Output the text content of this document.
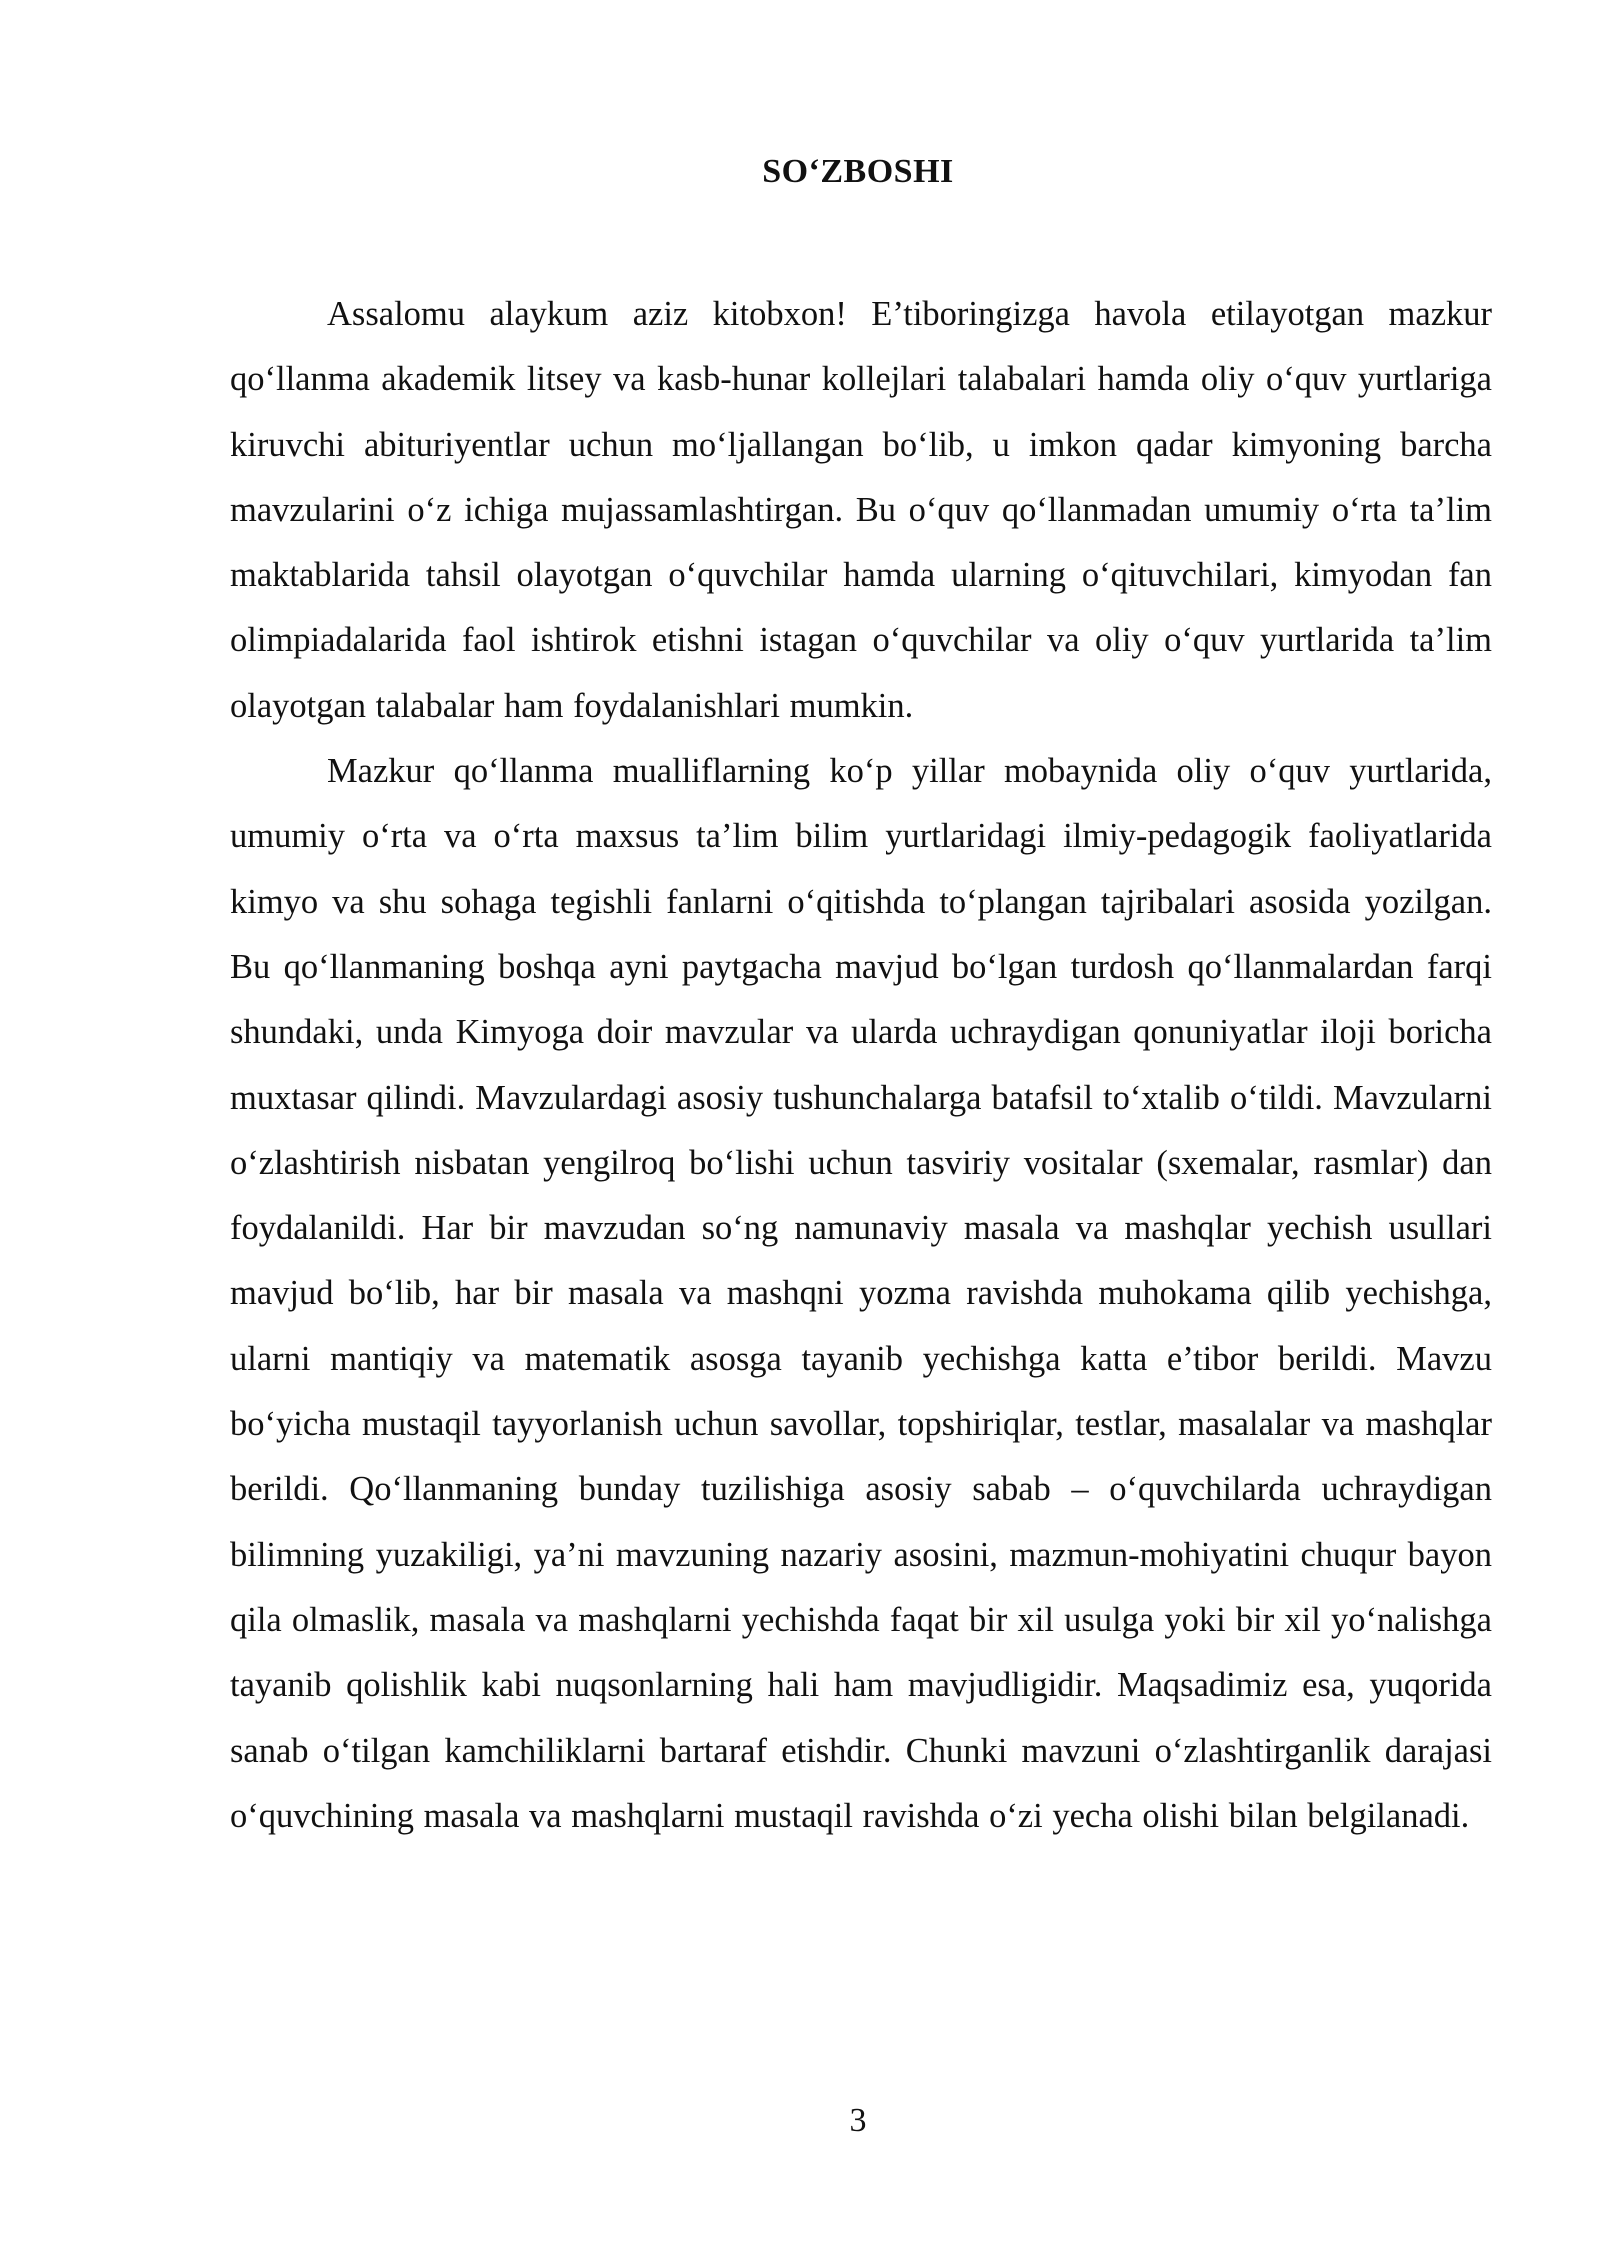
SO‘ZBOSHI

Assalomu alaykum aziz kitobxon! E’tiboringizga havola etilayotgan mazkur qo‘llanma akademik litsey va kasb-hunar kollejlari talabalari hamda oliy o‘quv yurtlariga kiruvchi abituriyentlar uchun mo‘ljallangan bo‘lib, u imkon qadar kimyoning barcha mavzularini o‘z ichiga mujassamlashtirgan. Bu o‘quv qo‘llanmadan umumiy o‘rta ta’lim maktablarida tahsil olayotgan o‘quvchilar hamda ularning o‘qituvchilari, kimyodan fan olimpiadalarida faol ishtirok etishni istagan o‘quvchilar va oliy o‘quv yurtlarida ta’lim olayotgan talabalar ham foydalanishlari mumkin.

Mazkur qo‘llanma mualliflarning ko‘p yillar mobaynida oliy o‘quv yurtlarida, umumiy o‘rta va o‘rta maxsus ta’lim bilim yurtlaridagi ilmiy-pedagogik faoliyatlarida kimyo va shu sohaga tegishli fanlarni o‘qitishda to‘plangan tajribalari asosida yozilgan. Bu qo‘llanmaning boshqa ayni paytgacha mavjud bo‘lgan turdosh qo‘llanmalardan farqi shundaki, unda Kimyoga doir mavzular va ularda uchraydigan qonuniyatlar iloji boricha muxtasar qilindi. Mavzulardagi asosiy tushunchalarga batafsil to‘xtalib o‘tildi. Mavzularni o‘zlashtirish nisbatan yengilroq bo‘lishi uchun tasviriy vositalar (sxemalar, rasmlar) dan foydalanildi. Har bir mavzudan so‘ng namunaviy masala va mashqlar yechish usullari mavjud bo‘lib, har bir masala va mashqni yozma ravishda muhokama qilib yechishga, ularni mantiqiy va matematik asosga tayanib yechishga katta e’tibor berildi. Mavzu bo‘yicha mustaqil tayyorlanish uchun savollar, topshiriqlar, testlar, masalalar va mashqlar berildi. Qo‘llanmaning bunday tuzilishiga asosiy sabab – o‘quvchilarda uchraydigan bilimning yuzakiligi, ya’ni mavzuning nazariy asosini, mazmun-mohiyatini chuqur bayon qila olmaslik, masala va mashqlarni yechishda faqat bir xil usulga yoki bir xil yo‘nalishga tayanib qolishlik kabi nuqsonlarning hali ham mavjudligidir. Maqsadimiz esa, yuqorida sanab o‘tilgan kamchiliklarni bartaraf etishdir. Chunki mavzuni o‘zlashtirganlik darajasi o‘quvchining masala va mashqlarni mustaqil ravishda o‘zi yecha olishi bilan belgilanadi.

3
